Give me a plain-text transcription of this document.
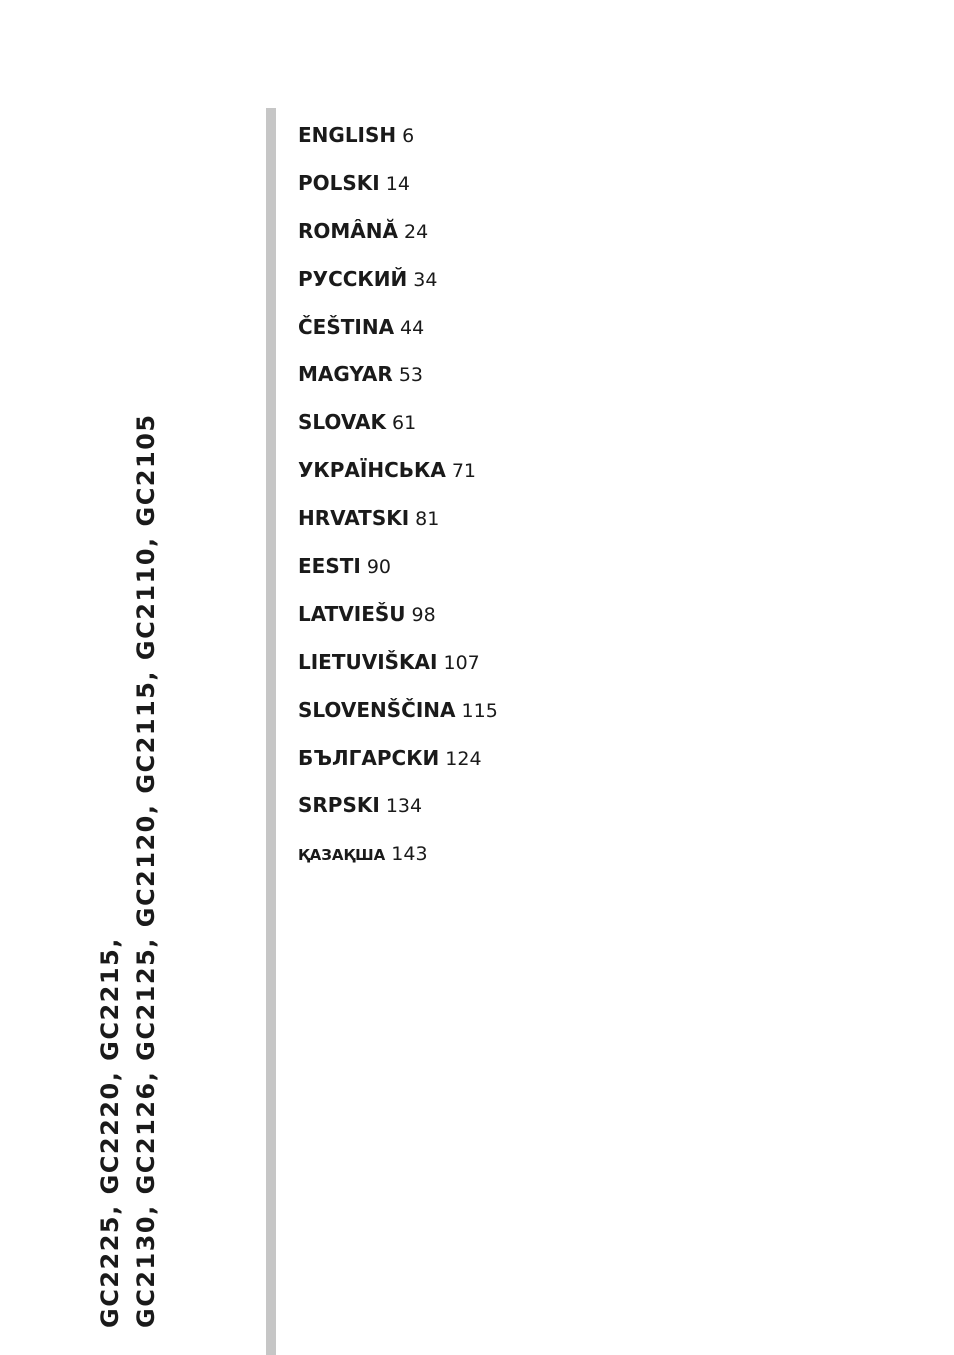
GC2225, GC2220, GC2215, GC2130, GC2126, GC2125, GC2120, GC2115, GC2110, GC2105
ENGLISH 6
POLSKI 14
ROMÂNĂ 24
РУССКИЙ 34
ČEŠTINA 44
MAGYAR 53
SLOVAK 61
УКРАЇНСЬКА 71
HRVATSKI 81
EESTI 90
LATVIEŠU 98
LIETUVIŠKAI 107
SLOVENŠČINA 115
БЪЛГАРСКИ 124
SRPSKI 134
ҚАЗАҚША 143
